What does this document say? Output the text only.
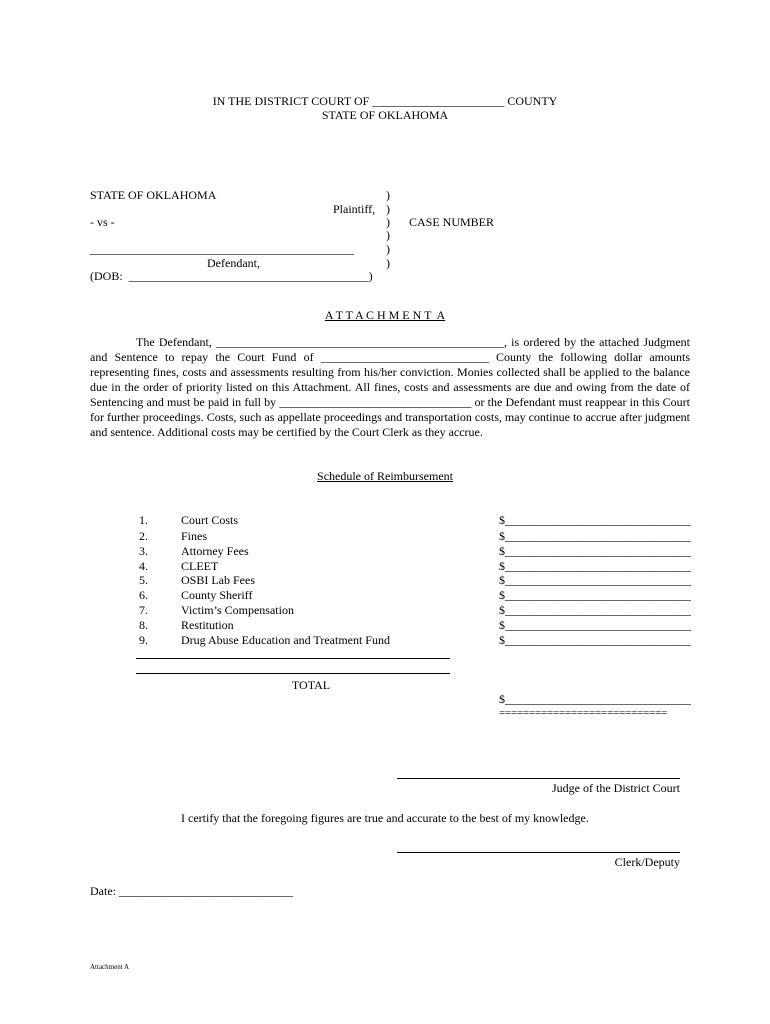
IN THE DISTRICT COURT OF ______________________ COUNTY
STATE OF OKLAHOMA
STATE OF OKLAHOMA
Plaintiff,
- vs -
____________________________________________
Defendant,
(DOB:  ________________________________________)
)
)
)
)
)
)
CASE NUMBER
A T T A C H M E N T  A
The Defendant, ________________________________________________, is ordered by the attached Judgment and Sentence to repay the Court Fund of ____________________________ County the following dollar amounts representing fines, costs and assessments resulting from his/her conviction. Monies collected shall be applied to the balance due in the order of priority listed on this Attachment. All fines, costs and assessments are due and owing from the date of Sentencing and must be paid in full by ________________________________ or the Defendant must reappear in this Court for further proceedings. Costs, such as appellate proceedings and transportation costs, may continue to accrue after judgment and sentence. Additional costs may be certified by the Court Clerk as they accrue.
Schedule of Reimbursement
1.	Court Costs	$_______________________________
2.	Fines	$_______________________________
3.	Attorney Fees	$_______________________________
4.	CLEET	$_______________________________
5.	OSBI Lab Fees	$_______________________________
6.	County Sheriff	$_______________________________
7.	Victim’s Compensation	$_______________________________
8.	Restitution	$_______________________________
9.	Drug Abuse Education and Treatment Fund	$_______________________________
TOTAL
$_______________________________
============================
Judge of the District Court
I certify that the foregoing figures are true and accurate to the best of my knowledge.
Clerk/Deputy
Date: _____________________________
Attachment A
